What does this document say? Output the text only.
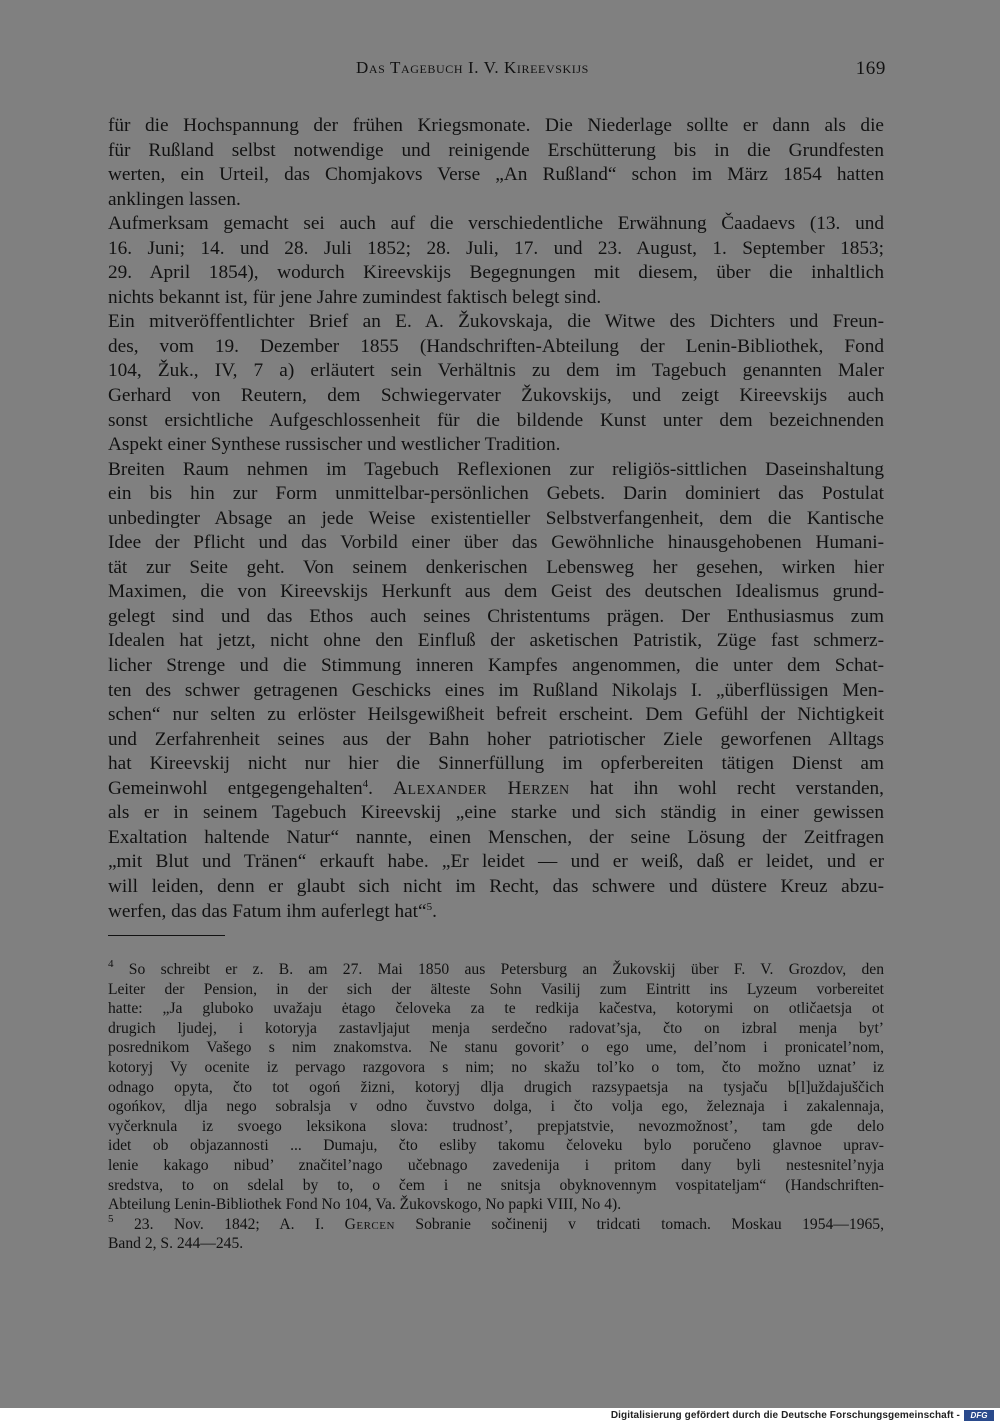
Das Tagebuch I. V. Kireevskijs	169
für die Hochspannung der frühen Kriegsmonate. Die Niederlage sollte er dann als die
für Rußland selbst notwendige und reinigende Erschütterung bis in die Grundfesten
werten, ein Urteil, das Chomjakovs Verse „An Rußland“ schon im März 1854 hatten
anklingen lassen.
Aufmerksam gemacht sei auch auf die verschiedentliche Erwähnung Čaadaevs (13. und
16. Juni; 14. und 28. Juli 1852; 28. Juli, 17. und 23. August, 1. September 1853;
29. April 1854), wodurch Kireevskijs Begegnungen mit diesem, über die inhaltlich
nichts bekannt ist, für jene Jahre zumindest faktisch belegt sind.
Ein mitveröffentlichter Brief an E. A. Žukovskaja, die Witwe des Dichters und Freun-
des, vom 19. Dezember 1855 (Handschriften-Abteilung der Lenin-Bibliothek, Fond
104, Žuk., IV, 7 a) erläutert sein Verhältnis zu dem im Tagebuch genannten Maler
Gerhard von Reutern, dem Schwiegervater Žukovskijs, und zeigt Kireevskijs auch
sonst ersichtliche Aufgeschlossenheit für die bildende Kunst unter dem bezeichnenden
Aspekt einer Synthese russischer und westlicher Tradition.
Breiten Raum nehmen im Tagebuch Reflexionen zur religiös-sittlichen Daseinshaltung
ein bis hin zur Form unmittelbar-persönlichen Gebets. Darin dominiert das Postulat
unbedingter Absage an jede Weise existentieller Selbstverfangenheit, dem die Kantische
Idee der Pflicht und das Vorbild einer über das Gewöhnliche hinausgehobenen Humani-
tät zur Seite geht. Von seinem denkerischen Lebensweg her gesehen, wirken hier
Maximen, die von Kireevskijs Herkunft aus dem Geist des deutschen Idealismus grund-
gelegt sind und das Ethos auch seines Christentums prägen. Der Enthusiasmus zum
Idealen hat jetzt, nicht ohne den Einfluß der asketischen Patristik, Züge fast schmerz-
licher Strenge und die Stimmung inneren Kampfes angenommen, die unter dem Schat-
ten des schwer getragenen Geschicks eines im Rußland Nikolajs I. „überflüssigen Men-
schen“ nur selten zu erlöster Heilsgewißheit befreit erscheint. Dem Gefühl der Nichtigkeit
und Zerfahrenheit seines aus der Bahn hoher patriotischer Ziele geworfenen Alltags
hat Kireevskij nicht nur hier die Sinnerfüllung im opferbereiten tätigen Dienst am
Gemeinwohl entgegengehalten$^4$. Alexander Herzen hat ihn wohl recht verstanden,
als er in seinem Tagebuch Kireevskij „eine starke und sich ständig in einer gewissen
Exaltation haltende Natur“ nannte, einen Menschen, der seine Lösung der Zeitfragen
„mit Blut und Tränen“ erkauft habe. „Er leidet — und er weiß, daß er leidet, und er
will leiden, denn er glaubt sich nicht im Recht, das schwere und düstere Kreuz abzu-
werfen, das das Fatum ihm auferlegt hat“$^5$.
$^4$ So schreibt er z. B. am 27. Mai 1850 aus Petersburg an Žukovskij über F. V. Grozdov, den
Leiter der Pension, in der sich der älteste Sohn Vasilij zum Eintritt ins Lyzeum vorbereitet
hatte: „Ja gluboko uvažaju ėtago čeloveka za te redkija kačestva, kotorymi on otličaetsja ot
drugich ljudej, i kotoryja zastavljajut menja serdečno radovat’sja, čto on izbral menja byt’
posrednikom Vašego s nim znakomstva. Ne stanu govorit’ o ego ume, del’nom i pronicatel’nom,
kotoryj Vy ocenite iz pervago razgovora s nim; no skažu tol’ko o tom, čto možno uznat’ iz
odnago opyta, čto tot ogoń žizni, kotoryj dlja drugich razsypaetsja na tysjaču b[l]uždajuščich
ogońkov, dlja nego sobralsja v odno čuvstvo dolga, i čto volja ego, železnaja i zakalennaja,
vyčerknula iz svoego leksikona slova: trudnost’, prepjatstvie, nevozmožnost’, tam gde delo
idet ob objazannosti ... Dumaju, čto esliby takomu čeloveku bylo poručeno glavnoe uprav-
lenie kakago nibud’ značitel’nago učebnago zavedenija i pritom dany byli nestesnitel’nyja
sredstva, to on sdelal by to, o čem i ne snitsja obyknovennym vospitateljam“ (Handschriften-
Abteilung Lenin-Bibliothek Fond No 104, Va. Žukovskogo, No papki VIII, No 4).
$^5$ 23. Nov. 1842; A. I. Gercen Sobranie sočinenij v tridcati tomach. Moskau 1954—1965,
Band 2, S. 244—245.
Digitalisierung gefördert durch die Deutsche Forschungsgemeinschaft -	DFG
